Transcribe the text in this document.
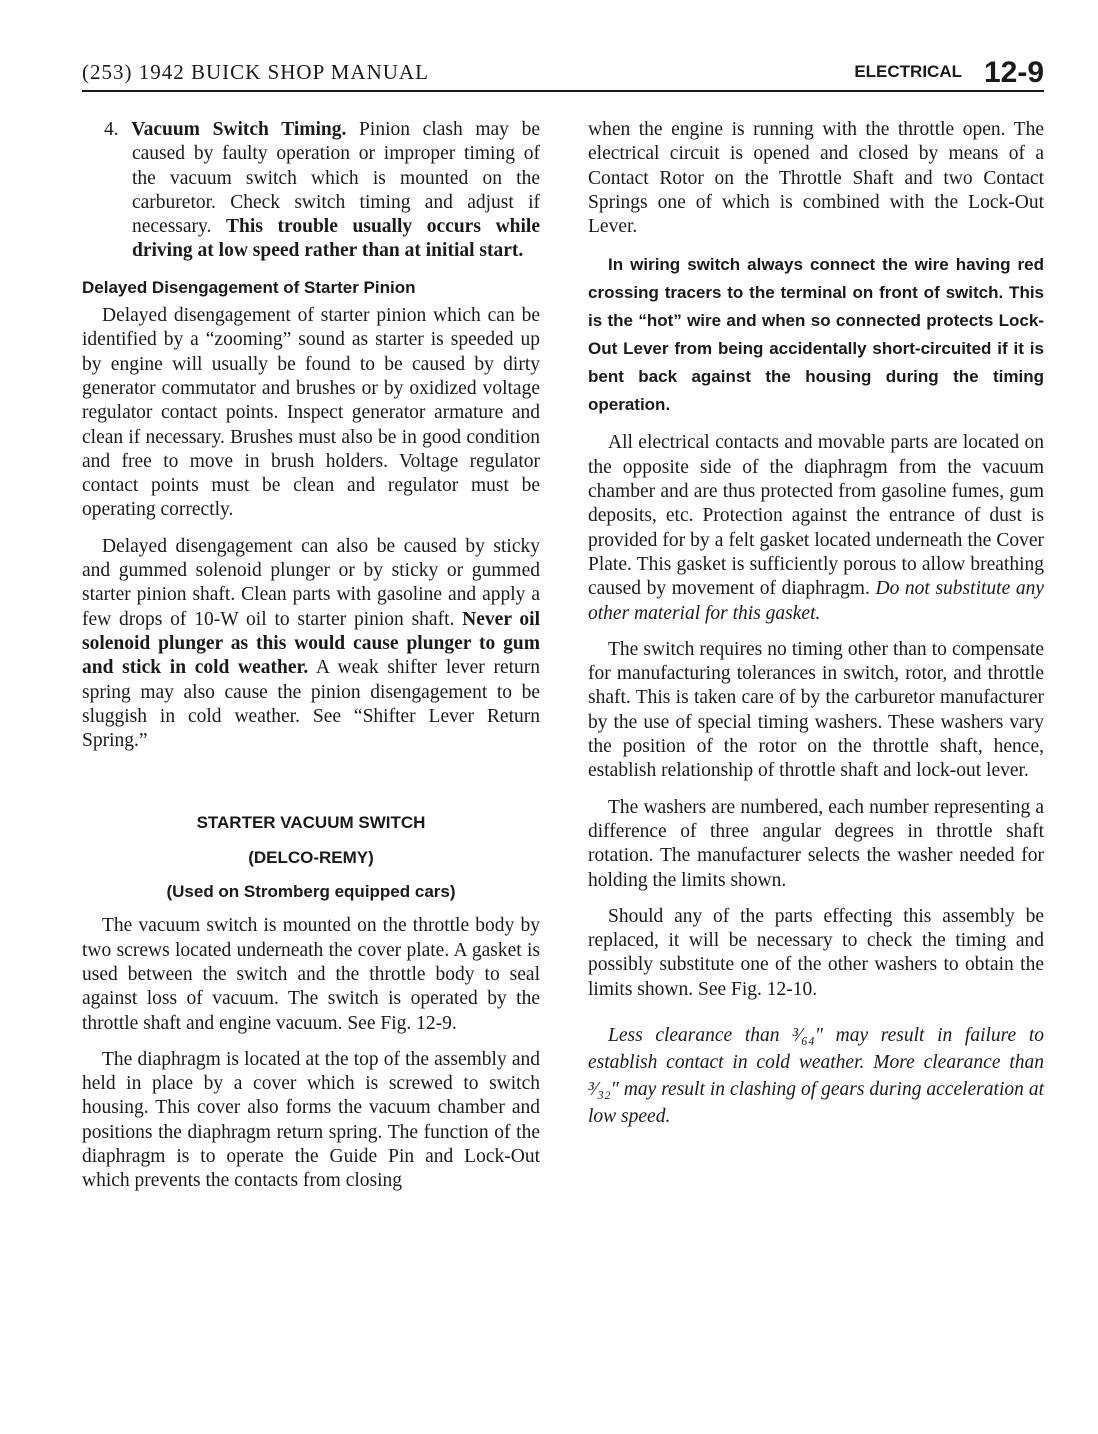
(253) 1942 BUICK SHOP MANUAL	ELECTRICAL 12-9

4. Vacuum Switch Timing. Pinion clash may be caused by faulty operation or improper timing of the vacuum switch which is mounted on the carburetor. Check switch timing and adjust if necessary. This trouble usually occurs while driving at low speed rather than at initial start.

Delayed Disengagement of Starter Pinion

Delayed disengagement of starter pinion which can be identified by a “zooming” sound as starter is speeded up by engine will usually be found to be caused by dirty generator commutator and brushes or by oxidized voltage regulator contact points. Inspect generator armature and clean if necessary. Brushes must also be in good condition and free to move in brush holders. Voltage regulator contact points must be clean and regulator must be operating correctly.

Delayed disengagement can also be caused by sticky and gummed solenoid plunger or by sticky or gummed starter pinion shaft. Clean parts with gasoline and apply a few drops of 10-W oil to starter pinion shaft. Never oil solenoid plunger as this would cause plunger to gum and stick in cold weather. A weak shifter lever return spring may also cause the pinion disengagement to be sluggish in cold weather. See “Shifter Lever Return Spring.”

STARTER VACUUM SWITCH
(DELCO-REMY)
(Used on Stromberg equipped cars)

The vacuum switch is mounted on the throttle body by two screws located underneath the cover plate. A gasket is used between the switch and the throttle body to seal against loss of vacuum. The switch is operated by the throttle shaft and engine vacuum. See Fig. 12-9.

The diaphragm is located at the top of the assembly and held in place by a cover which is screwed to switch housing. This cover also forms the vacuum chamber and positions the diaphragm return spring. The function of the diaphragm is to operate the Guide Pin and Lock-Out which prevents the contacts from closing

when the engine is running with the throttle open. The electrical circuit is opened and closed by means of a Contact Rotor on the Throttle Shaft and two Contact Springs one of which is combined with the Lock-Out Lever.

In wiring switch always connect the wire having red crossing tracers to the terminal on front of switch. This is the “hot” wire and when so connected protects Lock-Out Lever from being accidentally short-circuited if it is bent back against the housing during the timing operation.

All electrical contacts and movable parts are located on the opposite side of the diaphragm from the vacuum chamber and are thus protected from gasoline fumes, gum deposits, etc. Protection against the entrance of dust is provided for by a felt gasket located underneath the Cover Plate. This gasket is sufficiently porous to allow breathing caused by movement of diaphragm. Do not substitute any other material for this gasket.

The switch requires no timing other than to compensate for manufacturing tolerances in switch, rotor, and throttle shaft. This is taken care of by the carburetor manufacturer by the use of special timing washers. These washers vary the position of the rotor on the throttle shaft, hence, establish relationship of throttle shaft and lock-out lever.

The washers are numbered, each number representing a difference of three angular degrees in throttle shaft rotation. The manufacturer selects the washer needed for holding the limits shown.

Should any of the parts effecting this assembly be replaced, it will be necessary to check the timing and possibly substitute one of the other washers to obtain the limits shown. See Fig. 12-10.

Less clearance than ³⁄₆₄″ may result in failure to establish contact in cold weather. More clearance than ³⁄₃₂″ may result in clashing of gears during acceleration at low speed.
